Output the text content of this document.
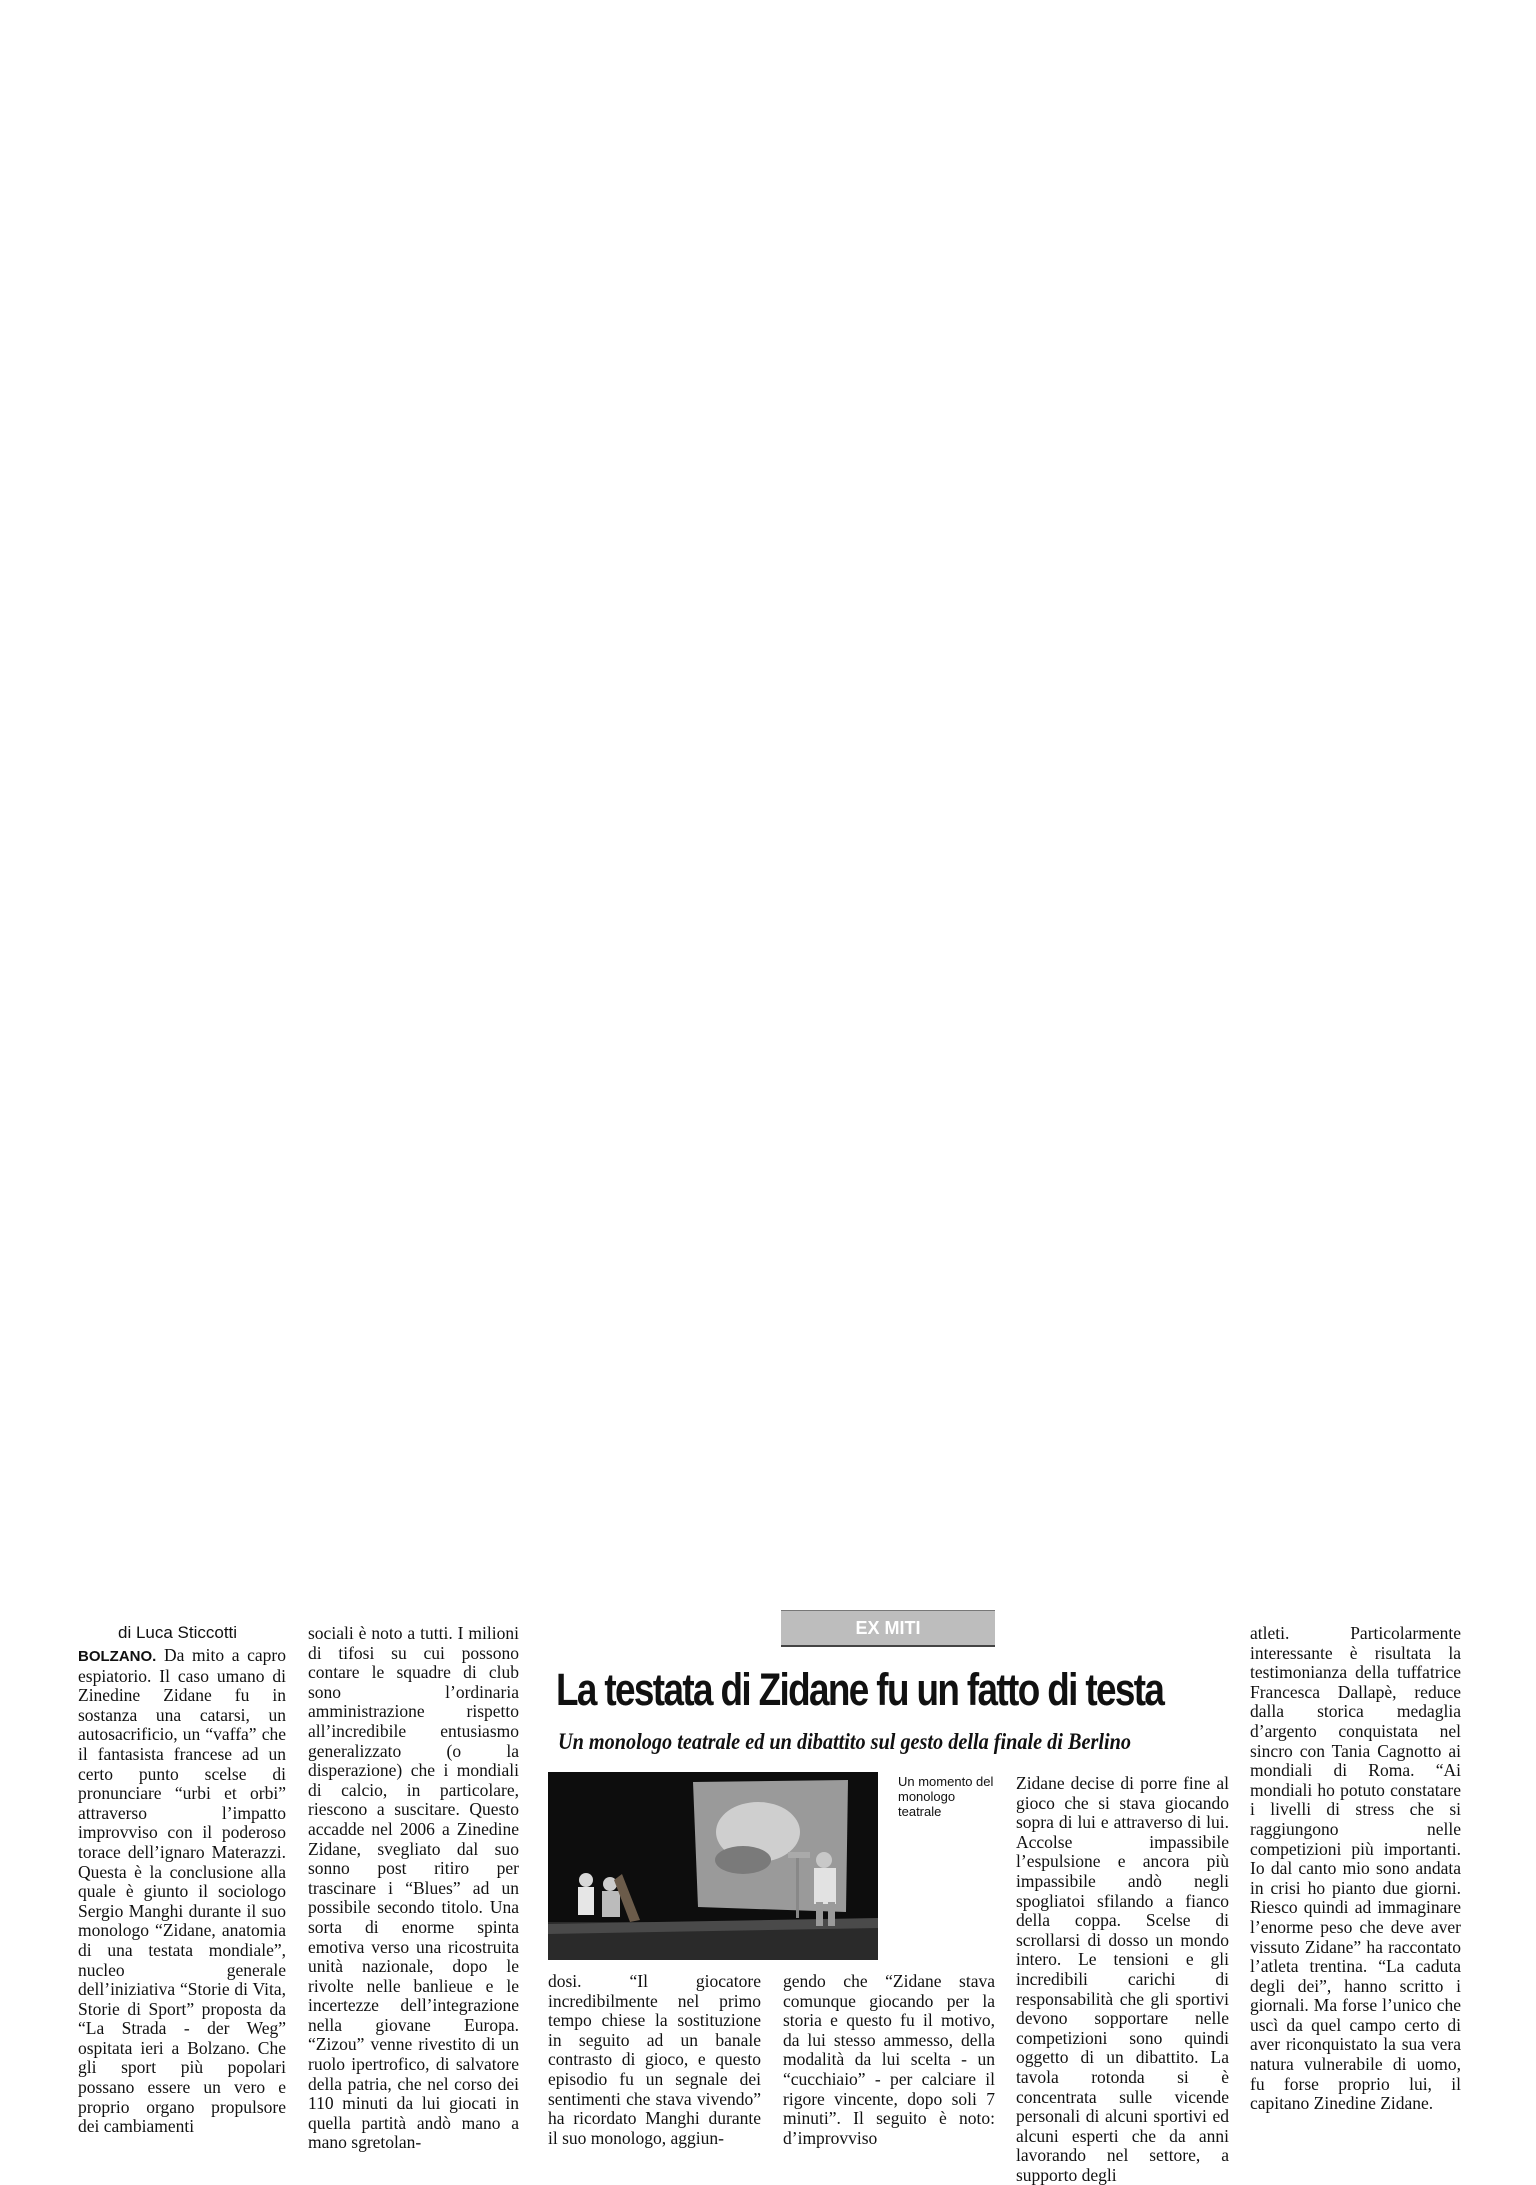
di Luca Sticcotti

BOLZANO. Da mito a capro espiatorio. Il caso umano di Zinedine Zidane fu in sostanza una catarsi, un autosacrificio, un “vaffa” che il fantasista francese ad un certo punto scelse di pronunciare “urbi et orbi” attraverso l’impatto improvviso con il poderoso torace dell’ignaro Materazzi. Questa è la conclusione alla quale è giunto il sociologo Sergio Manghi durante il suo monologo “Zidane, anatomia di una testata mondiale”, nucleo generale dell’iniziativa “Storie di Vita, Storie di Sport” proposta da “La Strada - der Weg” ospitata ieri a Bolzano. Che gli sport più popolari possano essere un vero e proprio organo propulsore dei cambiamenti

sociali è noto a tutti. I milioni di tifosi su cui possono contare le squadre di club sono l’ordinaria amministrazione rispetto all’incredibile entusiasmo generalizzato (o la disperazione) che i mondiali di calcio, in particolare, riescono a suscitare. Questo accadde nel 2006 a Zinedine Zidane, svegliato dal suo sonno post ritiro per trascinare i “Blues” ad un possibile secondo titolo. Una sorta di enorme spinta emotiva verso una ricostruita unità nazionale, dopo le rivolte nelle banlieue e le incertezze dell’integrazione nella giovane Europa. “Zizou” venne rivestito di un ruolo ipertrofico, di salvatore della patria, che nel corso dei 110 minuti da lui giocati in quella partità andò mano a mano sgretolan-

EX MITI
La testata di Zidane fu un fatto di testa
Un monologo teatrale ed un dibattito sul gesto della finale di Berlino
Un momento del monologo teatrale

dosi. “Il giocatore incredibilmente nel primo tempo chiese la sostituzione in seguito ad un banale contrasto di gioco, e questo episodio fu un segnale dei sentimenti che stava vivendo” ha ricordato Manghi durante il suo monologo, aggiun-

gendo che “Zidane stava comunque giocando per la storia e questo fu il motivo, da lui stesso ammesso, della modalità da lui scelta - un “cucchiaio” - per calciare il rigore vincente, dopo soli 7 minuti”. Il seguito è noto: d’improvviso

Zidane decise di porre fine al gioco che si stava giocando sopra di lui e attraverso di lui. Accolse impassibile l’espulsione e ancora più impassibile andò negli spogliatoi sfilando a fianco della coppa. Scelse di scrollarsi di dosso un mondo intero. Le tensioni e gli incredibili carichi di responsabilità che gli sportivi devono sopportare nelle competizioni sono quindi oggetto di un dibattito. La tavola rotonda si è concentrata sulle vicende personali di alcuni sportivi ed alcuni esperti che da anni lavorando nel settore, a supporto degli

atleti. Particolarmente interessante è risultata la testimonianza della tuffatrice Francesca Dallapè, reduce dalla storica medaglia d’argento conquistata nel sincro con Tania Cagnotto ai mondiali di Roma. “Ai mondiali ho potuto constatare i livelli di stress che si raggiungono nelle competizioni più importanti. Io dal canto mio sono andata in crisi ho pianto due giorni. Riesco quindi ad immaginare l’enorme peso che deve aver vissuto Zidane” ha raccontato l’atleta trentina. “La caduta degli dei”, hanno scritto i giornali. Ma forse l’unico che uscì da quel campo certo di aver riconquistato la sua vera natura vulnerabile di uomo, fu forse proprio lui, il capitano Zinedine Zidane.
